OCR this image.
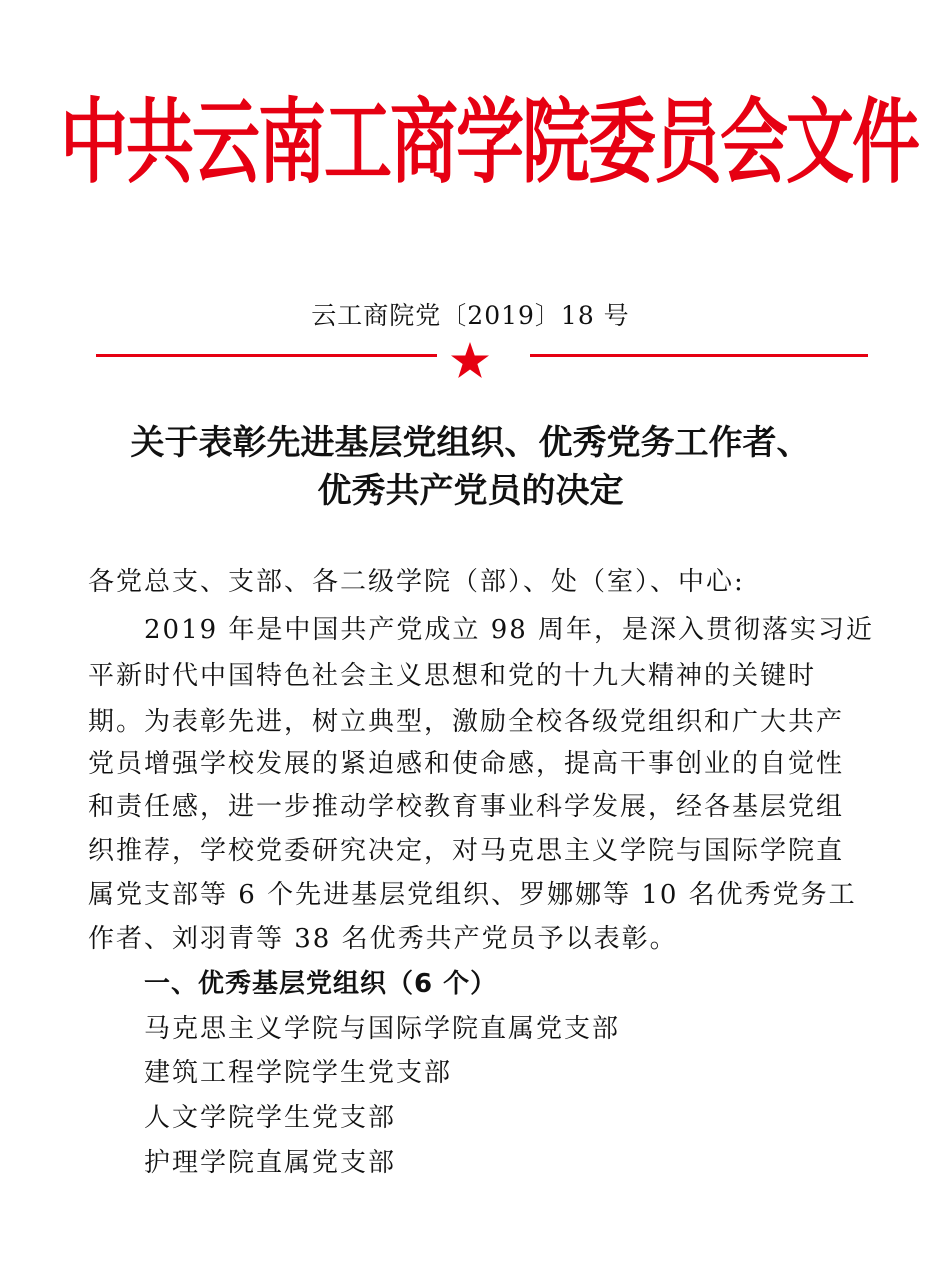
中共云南工商学院委员会文件
云工商院党〔2019〕18 号
关于表彰先进基层党组织、优秀党务工作者、
优秀共产党员的决定
各党总支、支部、各二级学院（部）、处（室）、中心:
2019 年是中国共产党成立 98 周年，是深入贯彻落实习近
平新时代中国特色社会主义思想和党的十九大精神的关键时
期。为表彰先进，树立典型，激励全校各级党组织和广大共产
党员增强学校发展的紧迫感和使命感，提高干事创业的自觉性
和责任感，进一步推动学校教育事业科学发展，经各基层党组
织推荐，学校党委研究决定，对马克思主义学院与国际学院直
属党支部等 6 个先进基层党组织、罗娜娜等 10 名优秀党务工
作者、刘羽青等 38 名优秀共产党员予以表彰。
一、优秀基层党组织（6 个）
马克思主义学院与国际学院直属党支部
建筑工程学院学生党支部
人文学院学生党支部
护理学院直属党支部
